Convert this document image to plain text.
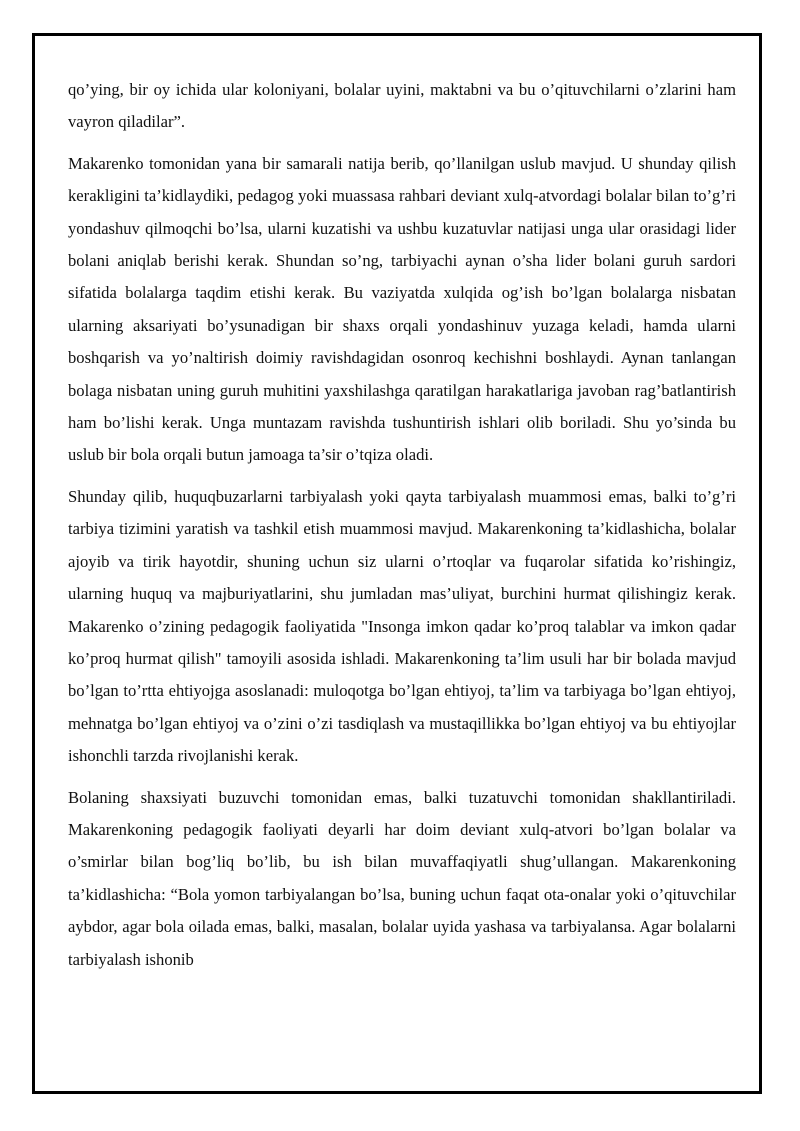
qo’ying, bir oy ichida ular koloniyani, bolalar uyini, maktabni va bu o’qituvchilarni o’zlarini ham vayron qiladilar”.

Makarenko tomonidan yana bir samarali natija berib, qo’llanilgan uslub mavjud. U shunday qilish kerakligini ta’kidlaydiki, pedagog yoki muassasa rahbari deviant xulq-atvordagi bolalar bilan to’g’ri yondashuv qilmoqchi bo’lsa, ularni kuzatishi va ushbu kuzatuvlar natijasi unga ular orasidagi lider bolani aniqlab berishi kerak. Shundan so’ng, tarbiyachi aynan o’sha lider bolani guruh sardori sifatida bolalarga taqdim etishi kerak. Bu vaziyatda xulqida og’ish bo’lgan bolalarga nisbatan ularning aksariyati bo’ysunadigan bir shaxs orqali yondashinuv yuzaga keladi, hamda ularni boshqarish va yo’naltirish doimiy ravishdagidan osonroq kechishni boshlaydi. Aynan tanlangan bolaga nisbatan uning guruh muhitini yaxshilashga qaratilgan harakatlariga javoban rag’batlantirish ham bo’lishi kerak. Unga muntazam ravishda tushuntirish ishlari olib boriladi. Shu yo’sinda bu uslub bir bola orqali butun jamoaga ta’sir o’tqiza oladi.

Shunday qilib, huquqbuzarlarni tarbiyalash yoki qayta tarbiyalash muammosi emas, balki to’g’ri tarbiya tizimini yaratish va tashkil etish muammosi mavjud. Makarenkoning ta’kidlashicha, bolalar ajoyib va tirik hayotdir, shuning uchun siz ularni o’rtoqlar va fuqarolar sifatida ko’rishingiz, ularning huquq va majburiyatlarini, shu jumladan mas’uliyat, burchini hurmat qilishingiz kerak. Makarenko o’zining pedagogik faoliyatida "Insonga imkon qadar ko’proq talablar va imkon qadar ko’proq hurmat qilish" tamoyili asosida ishladi. Makarenkoning ta’lim usuli har bir bolada mavjud bo’lgan to’rtta ehtiyojga asoslanadi: muloqotga bo’lgan ehtiyoj, ta’lim va tarbiyaga bo’lgan ehtiyoj, mehnatga bo’lgan ehtiyoj va o’zini o’zi tasdiqlash va mustaqillikka bo’lgan ehtiyoj va bu ehtiyojlar ishonchli tarzda rivojlanishi kerak.

Bolaning shaxsiyati buzuvchi tomonidan emas, balki tuzatuvchi tomonidan shakllantiriladi. Makarenkoning pedagogik faoliyati deyarli har doim deviant xulq-atvori bo’lgan bolalar va o’smirlar bilan bog’liq bo’lib, bu ish bilan muvaffaqiyatli shug’ullangan. Makarenkoning ta’kidlashicha: “Bola yomon tarbiyalangan bo’lsa, buning uchun faqat ota-onalar yoki o’qituvchilar aybdor, agar bola oilada emas, balki, masalan, bolalar uyida yashasa va tarbiyalansa. Agar bolalarni tarbiyalash ishonib
